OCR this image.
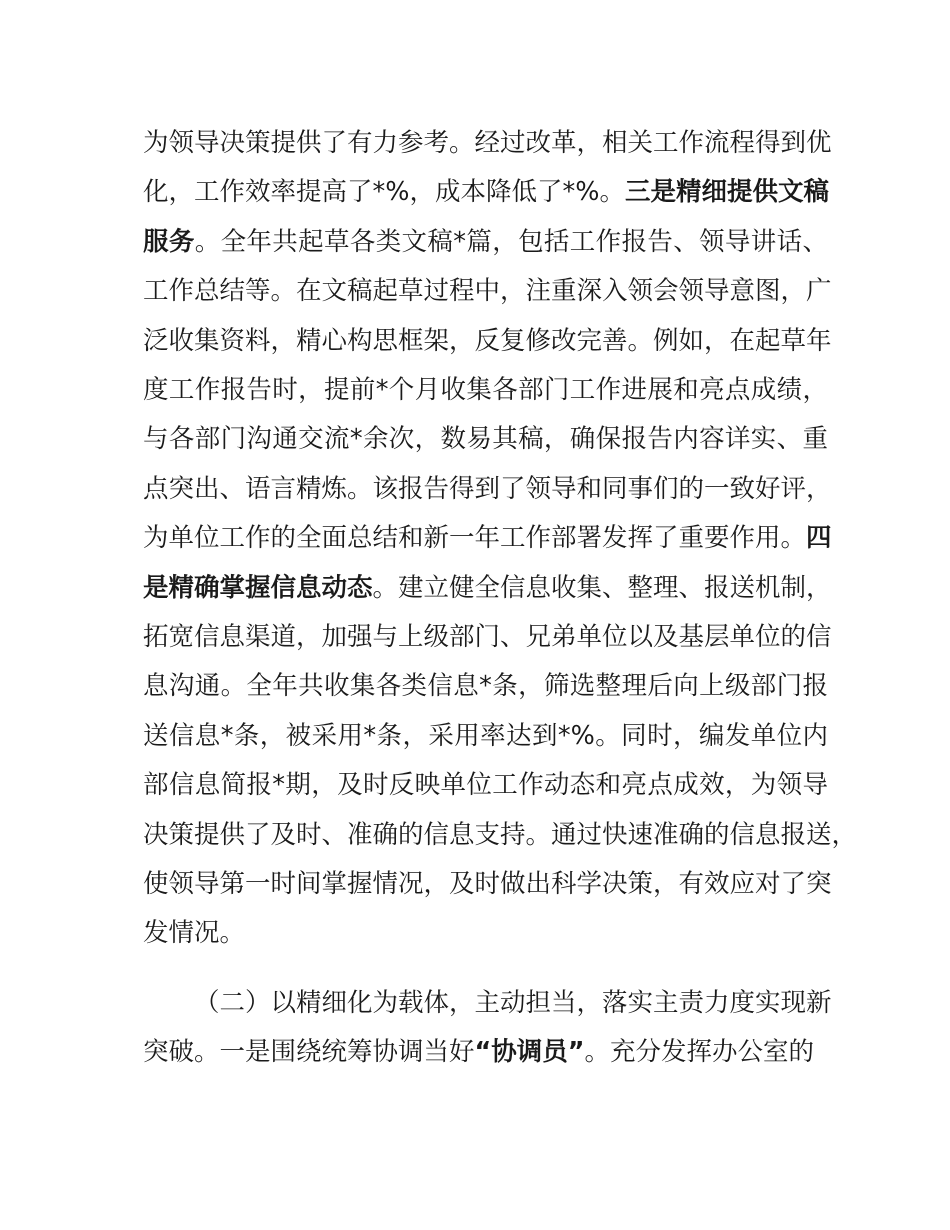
为领导决策提供了有力参考。经过改革，相关工作流程得到优
化，工作效率提高了*%，成本降低了*%。三是精细提供文稿
服务。全年共起草各类文稿*篇，包括工作报告、领导讲话、
工作总结等。在文稿起草过程中，注重深入领会领导意图，广
泛收集资料，精心构思框架，反复修改完善。例如，在起草年
度工作报告时，提前*个月收集各部门工作进展和亮点成绩，
与各部门沟通交流*余次，数易其稿，确保报告内容详实、重
点突出、语言精炼。该报告得到了领导和同事们的一致好评，
为单位工作的全面总结和新一年工作部署发挥了重要作用。四
是精确掌握信息动态。建立健全信息收集、整理、报送机制，
拓宽信息渠道，加强与上级部门、兄弟单位以及基层单位的信
息沟通。全年共收集各类信息*条，筛选整理后向上级部门报
送信息*条，被采用*条，采用率达到*%。同时，编发单位内
部信息简报*期，及时反映单位工作动态和亮点成效，为领导
决策提供了及时、准确的信息支持。通过快速准确的信息报送，
使领导第一时间掌握情况，及时做出科学决策，有效应对了突
发情况。
（二）以精细化为载体，主动担当，落实主责力度实现新
突破。一是围绕统筹协调当好“协调员”。充分发挥办公室的
